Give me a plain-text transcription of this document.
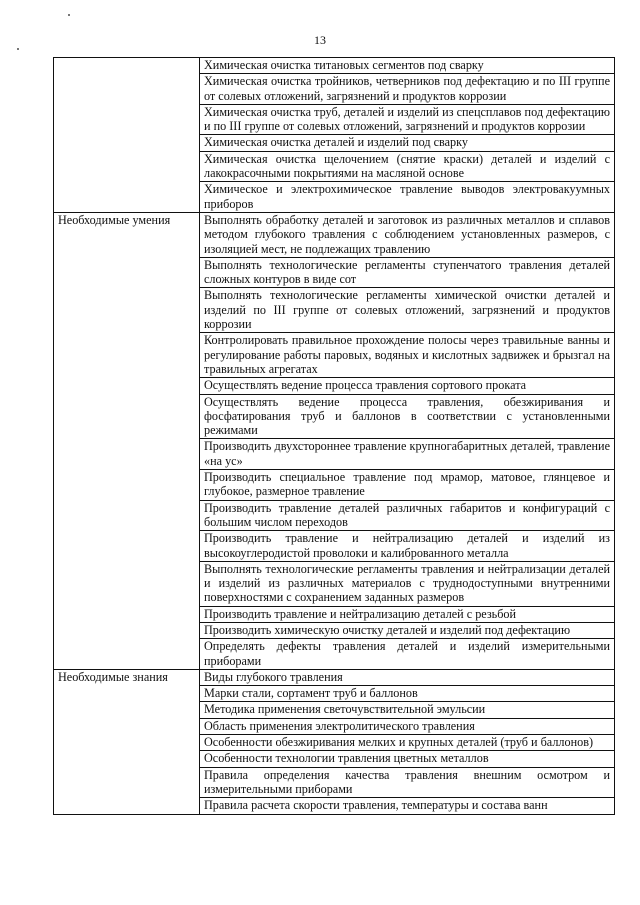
13
	Химическая очистка титановых сегментов под сварку
	Химическая очистка тройников, четверников под дефектацию и по III группе от солевых отложений, загрязнений и продуктов коррозии
	Химическая очистка труб, деталей и изделий из спецсплавов под дефектацию и по III группе от солевых отложений, загрязнений и продуктов коррозии
	Химическая очистка деталей и изделий под сварку
	Химическая очистка щелочением (снятие краски) деталей и изделий с лакокрасочными покрытиями на масляной основе
	Химическое и электрохимическое травление выводов электровакуумных приборов
Необходимые умения	Выполнять обработку деталей и заготовок из различных металлов и сплавов методом глубокого травления с соблюдением установленных размеров, с изоляцией мест, не подлежащих травлению
	Выполнять технологические регламенты ступенчатого травления деталей сложных контуров в виде сот
	Выполнять технологические регламенты химической очистки деталей и изделий по III группе от солевых отложений, загрязнений и продуктов коррозии
	Контролировать правильное прохождение полосы через травильные ванны и регулирование работы паровых, водяных и кислотных задвижек и брызгал на травильных агрегатах
	Осуществлять ведение процесса травления сортового проката
	Осуществлять ведение процесса травления, обезжиривания и фосфатирования труб и баллонов в соответствии с установленными режимами
	Производить двухстороннее травление крупногабаритных деталей, травление «на ус»
	Производить специальное травление под мрамор, матовое, глянцевое и глубокое, размерное травление
	Производить травление деталей различных габаритов и конфигураций с большим числом переходов
	Производить травление и нейтрализацию деталей и изделий из высокоуглеродистой проволоки и калиброванного металла
	Выполнять технологические регламенты травления и нейтрализации деталей и изделий из различных материалов с труднодоступными внутренними поверхностями с сохранением заданных размеров
	Производить травление и нейтрализацию деталей с резьбой
	Производить химическую очистку деталей и изделий под дефектацию
	Определять дефекты травления деталей и изделий измерительными приборами
Необходимые знания	Виды глубокого травления
	Марки стали, сортамент труб и баллонов
	Методика применения светочувствительной эмульсии
	Область применения электролитического травления
	Особенности обезжиривания мелких и крупных деталей (труб и баллонов)
	Особенности технологии травления цветных металлов
	Правила определения качества травления внешним осмотром и измерительными приборами
	Правила расчета скорости травления, температуры и состава ванн
